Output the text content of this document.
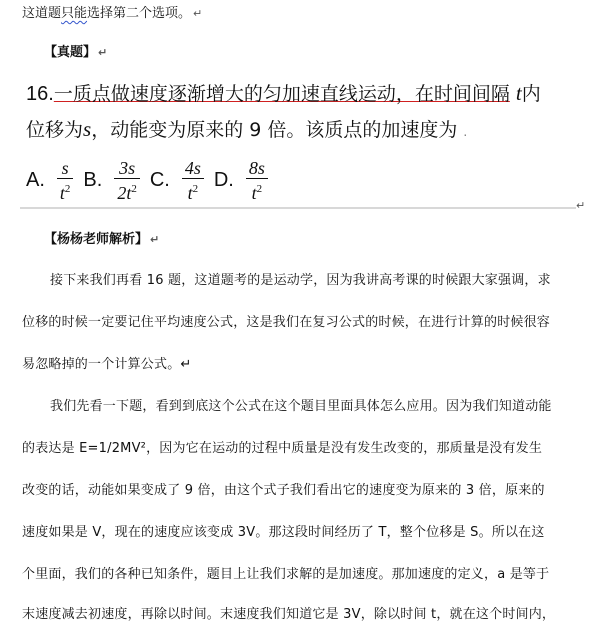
这道题只能选择第二个选项。 ↵
【真题】 ↵
16.一质点做速度逐渐增大的匀加速直线运动，在时间间隔 t内
位移为s，动能变为原来的 9 倍。该质点的加速度为 .
A. $\frac{s}{t^2} B$. $\frac{3s}{2t^2} C$. $\frac{4s}{t^2} D$. $\frac{8s}{t^2}$
↵
【杨杨老师解析】 ↵
接下来我们再看 16 题，这道题考的是运动学，因为我讲高考课的时候跟大家强调，求
位移的时候一定要记住平均速度公式，这是我们在复习公式的时候，在进行计算的时候很容
易忽略掉的一个计算公式。↵
我们先看一下题，看到到底这个公式在这个题目里面具体怎么应用。因为我们知道动能
的表达是 E=1/2MV²，因为它在运动的过程中质量是没有发生改变的，那质量是没有发生
改变的话，动能如果变成了 9 倍，由这个式子我们看出它的速度变为原来的 3 倍，原来的
速度如果是 V，现在的速度应该变成 3V。那这段时间经历了 T，整个位移是 S。所以在这
个里面，我们的各种已知条件，题目上让我们求解的是加速度。那加速度的定义，a 是等于
末速度减去初速度，再除以时间。末速度我们知道它是 3V，除以时间 t，就在这个时间内，
